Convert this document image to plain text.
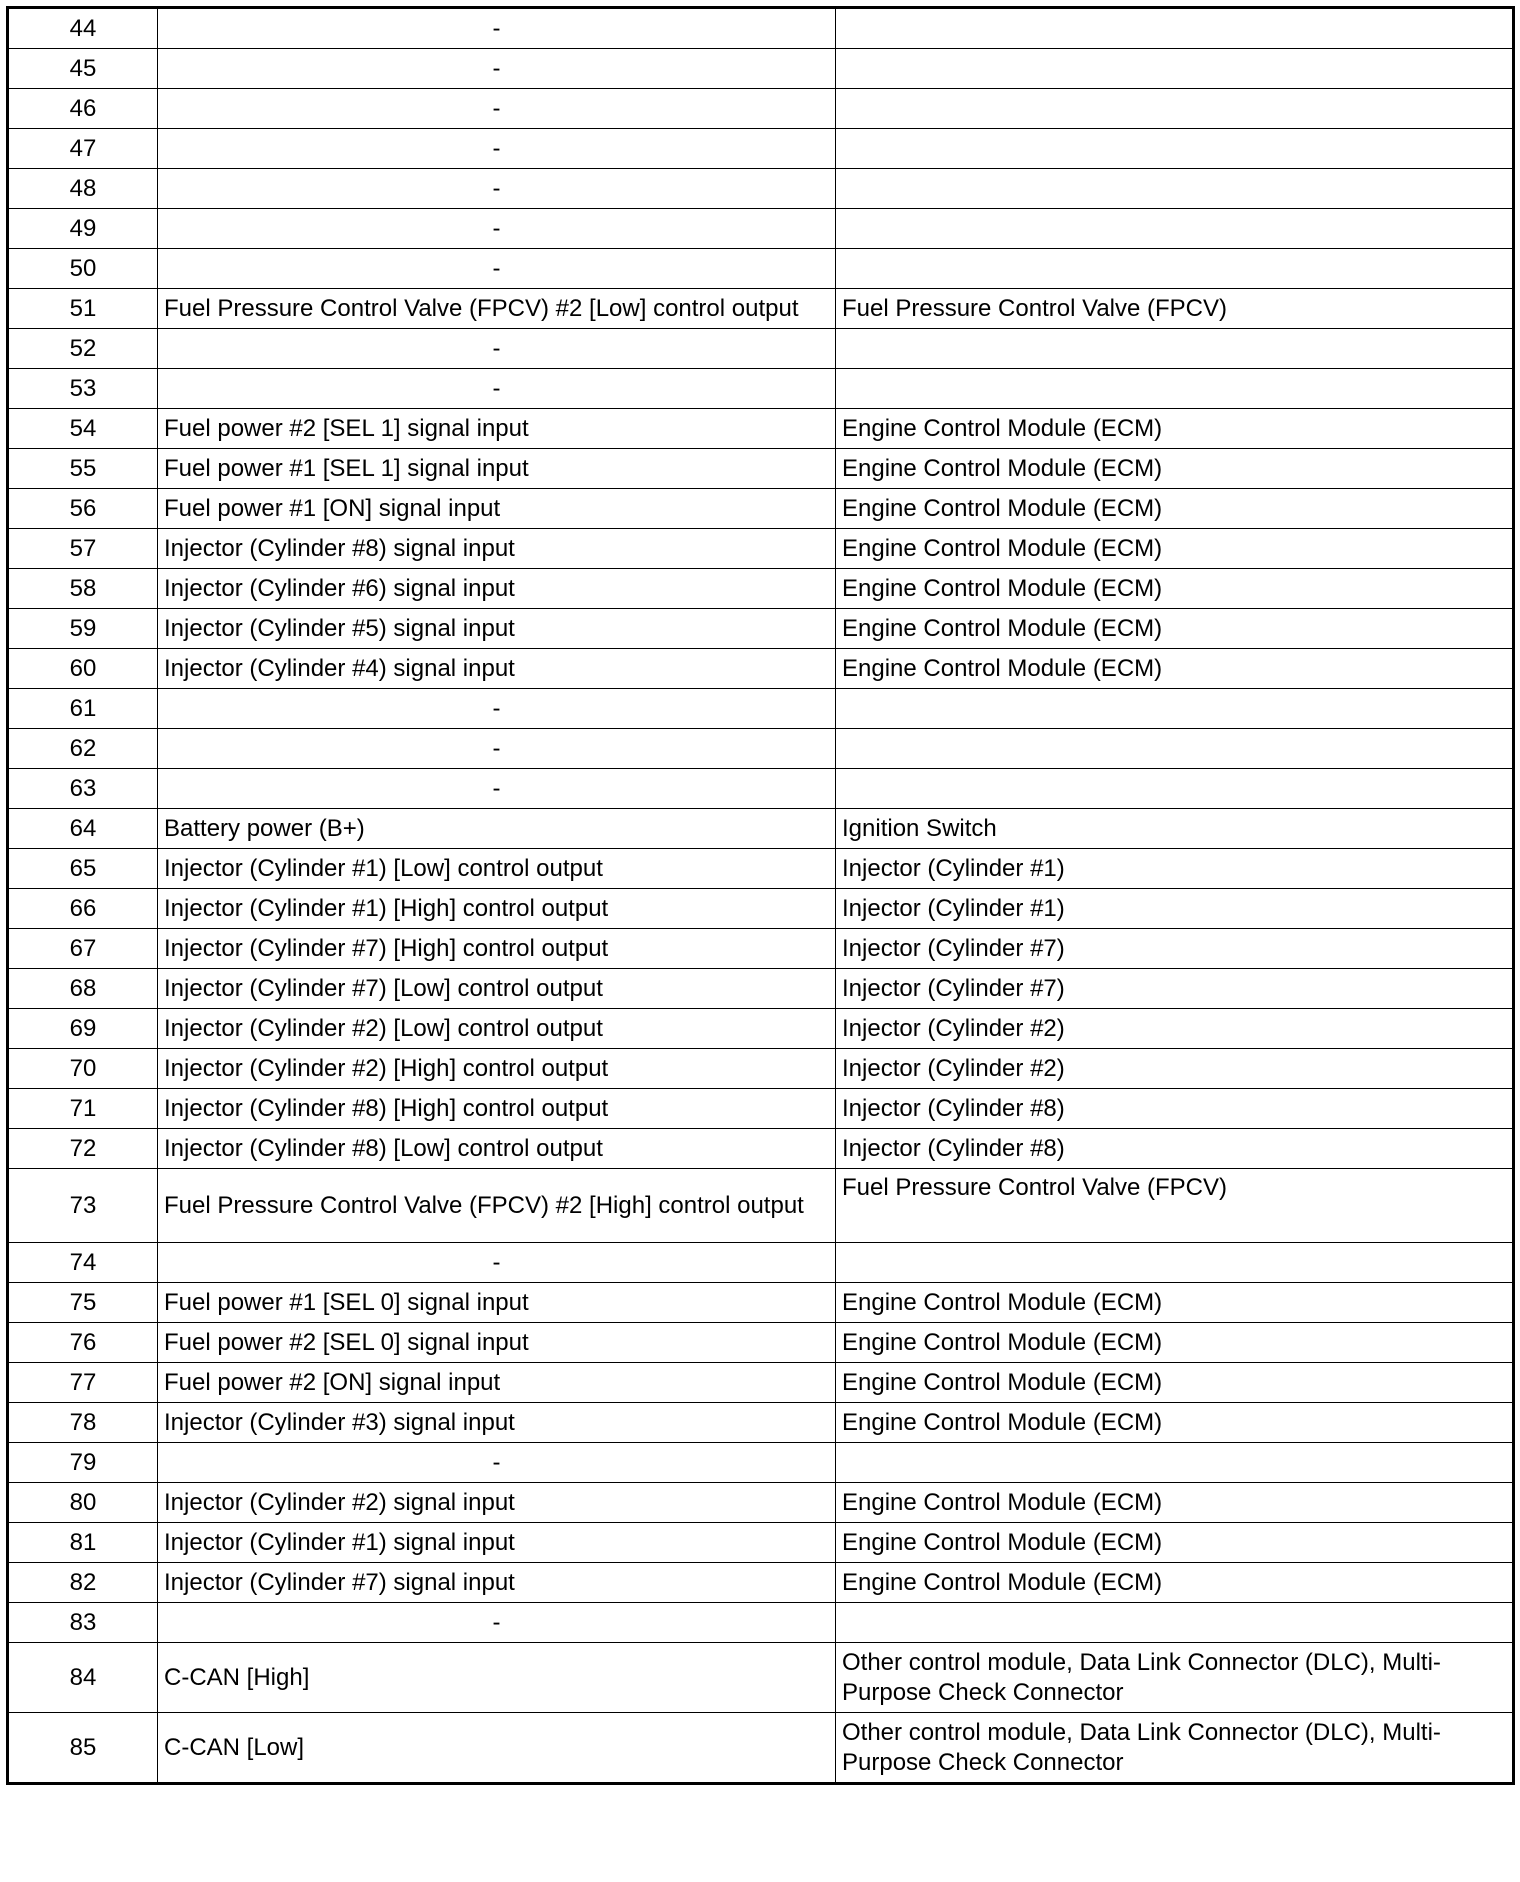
44	-	
45	-	
46	-	
47	-	
48	-	
49	-	
50	-	
51	Fuel Pressure Control Valve (FPCV) #2 [Low] control output	Fuel Pressure Control Valve (FPCV)
52	-	
53	-	
54	Fuel power #2 [SEL 1] signal input	Engine Control Module (ECM)
55	Fuel power #1 [SEL 1] signal input	Engine Control Module (ECM)
56	Fuel power #1 [ON] signal input	Engine Control Module (ECM)
57	Injector (Cylinder #8) signal input	Engine Control Module (ECM)
58	Injector (Cylinder #6) signal input	Engine Control Module (ECM)
59	Injector (Cylinder #5) signal input	Engine Control Module (ECM)
60	Injector (Cylinder #4) signal input	Engine Control Module (ECM)
61	-	
62	-	
63	-	
64	Battery power (B+)	Ignition Switch
65	Injector (Cylinder #1) [Low] control output	Injector (Cylinder #1)
66	Injector (Cylinder #1) [High] control output	Injector (Cylinder #1)
67	Injector (Cylinder #7) [High] control output	Injector (Cylinder #7)
68	Injector (Cylinder #7) [Low] control output	Injector (Cylinder #7)
69	Injector (Cylinder #2) [Low] control output	Injector (Cylinder #2)
70	Injector (Cylinder #2) [High] control output	Injector (Cylinder #2)
71	Injector (Cylinder #8) [High] control output	Injector (Cylinder #8)
72	Injector (Cylinder #8) [Low] control output	Injector (Cylinder #8)
73	Fuel Pressure Control Valve (FPCV) #2 [High] control output	Fuel Pressure Control Valve (FPCV)
74	-	
75	Fuel power #1 [SEL 0] signal input	Engine Control Module (ECM)
76	Fuel power #2 [SEL 0] signal input	Engine Control Module (ECM)
77	Fuel power #2 [ON] signal input	Engine Control Module (ECM)
78	Injector (Cylinder #3) signal input	Engine Control Module (ECM)
79	-	
80	Injector (Cylinder #2) signal input	Engine Control Module (ECM)
81	Injector (Cylinder #1) signal input	Engine Control Module (ECM)
82	Injector (Cylinder #7) signal input	Engine Control Module (ECM)
83	-	
84	C-CAN [High]	Other control module, Data Link Connector (DLC), Multi-Purpose Check Connector
85	C-CAN [Low]	Other control module, Data Link Connector (DLC), Multi-Purpose Check Connector
